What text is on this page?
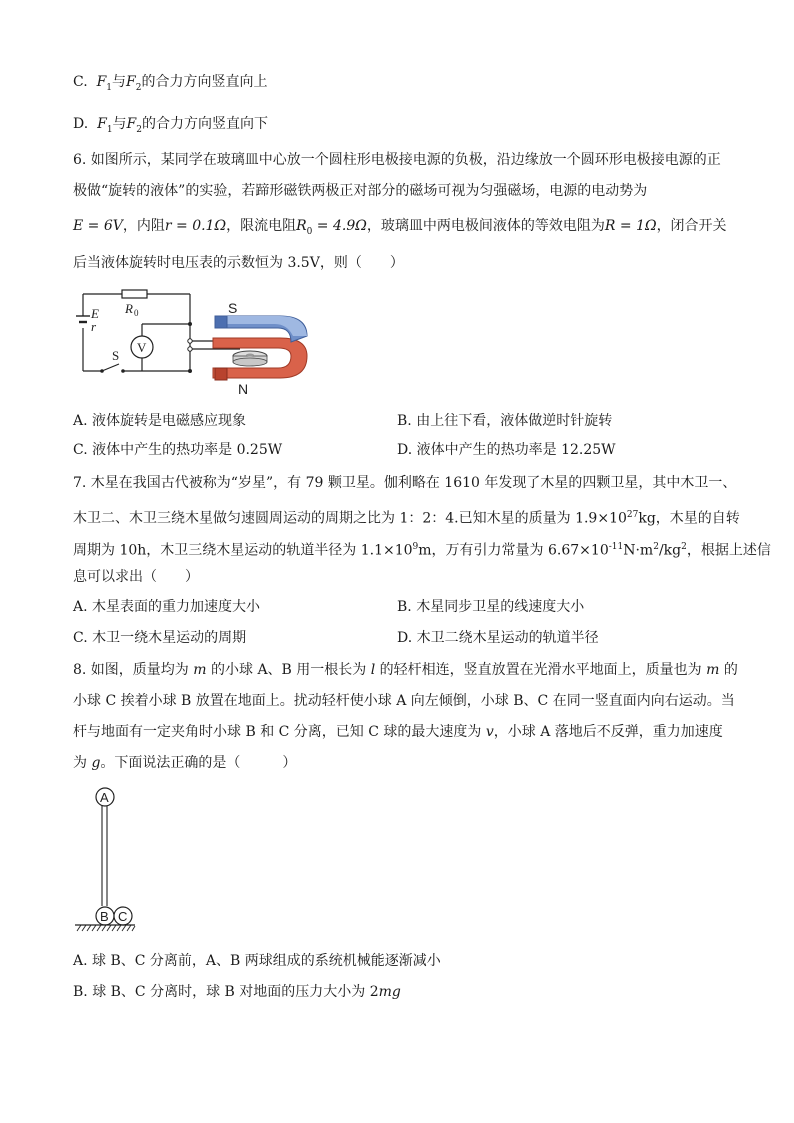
C. $F_1$与$F_2$的合力方向竖直向上
D. $F_1$与$F_2$的合力方向竖直向下
6. 如图所示，某同学在玻璃皿中心放一个圆柱形电极接电源的负极，沿边缘放一个圆环形电极接电源的正
极做“旋转的液体”的实验，若蹄形磁铁两极正对部分的磁场可视为匀强磁场，电源的电动势为
E = 6V，内阻r = 0.1Ω，限流电阻$R_0 = 4.9\Omega$，玻璃皿中两电极间液体的等效电阻为R = 1Ω，闭合开关
后当液体旋转时电压表的示数恒为 3.5V，则（　　）
V
R 0
E
r
S
S
N
A. 液体旋转是电磁感应现象	B. 由上往下看，液体做逆时针旋转
C. 液体中产生的热功率是 0.25W	D. 液体中产生的热功率是 12.25W
7. 木星在我国古代被称为“岁星”，有 79 颗卫星。伽利略在 1610 年发现了木星的四颗卫星，其中木卫一、
木卫二、木卫三绕木星做匀速圆周运动的周期之比为 1：2：4.已知木星的质量为 $1.9\times 10^{27}kg$，木星的自转
周期为 10h，木卫三绕木星运动的轨道半径为 $1.1\times 10^9m$，万有引力常量为 $6.67\times 10^{-11}N\cdot m^2/kg^2$，根据上述信
息可以求出（　　）
A. 木星表面的重力加速度大小	B. 木星同步卫星的线速度大小
C. 木卫一绕木星运动的周期	D. 木卫二绕木星运动的轨道半径
8. 如图，质量均为 m 的小球 A、B 用一根长为 l 的轻杆相连，竖直放置在光滑水平地面上，质量也为 m 的
小球 C 挨着小球 B 放置在地面上。扰动轻杆使小球 A 向左倾倒，小球 B、C 在同一竖直面内向右运动。当
杆与地面有一定夹角时小球 B 和 C 分离，已知 C 球的最大速度为 v，小球 A 落地后不反弹，重力加速度
为 g。下面说法正确的是（　　　）
A
B C
A. 球 B、C 分离前，A、B 两球组成的系统机械能逐渐减小
B. 球 B、C 分离时，球 B 对地面的压力大小为 2mg
